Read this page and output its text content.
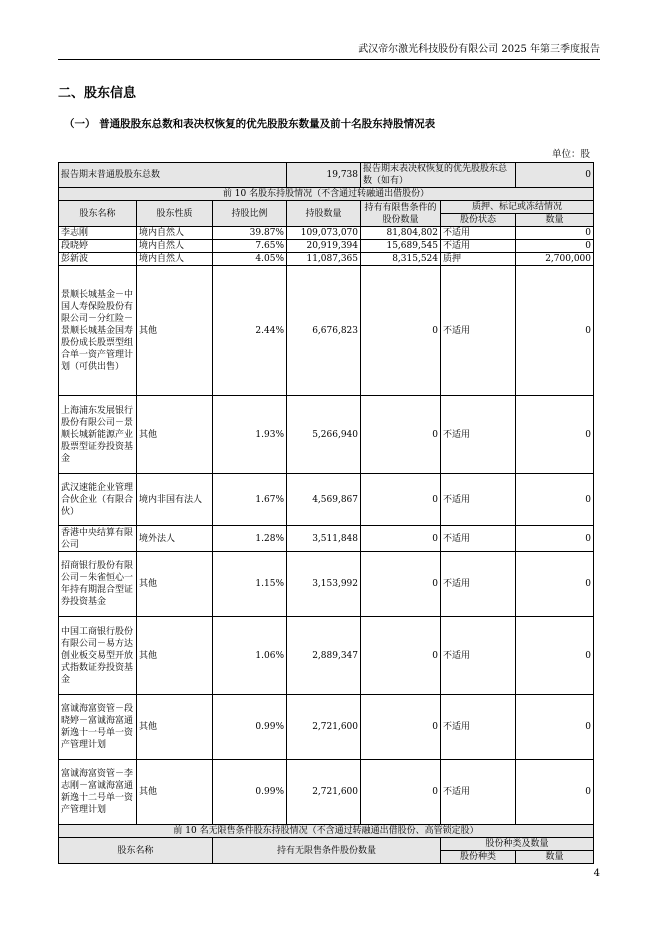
武汉帝尔激光科技股份有限公司 2025 年第三季度报告
二、股东信息
（一） 普通股股东总数和表决权恢复的优先股股东数量及前十名股东持股情况表
单位：股
报告期末普通股股东总数			19,738	报告期末表决权恢复的优先股股东总数（如有）		0
前 10 名股东持股情况（不含通过转融通出借股份）						
股东名称	股东性质	持股比例	持股数量	持有有限售条件的股份数量	质押、标记或冻结情况	
					股份状态	数量
李志刚	境内自然人	39.87%	109,073,070	81,804,802	不适用	0
段晓婷	境内自然人	7.65%	20,919,394	15,689,545	不适用	0
彭新波	境内自然人	4.05%	11,087,365	8,315,524	质押	2,700,000
景顺长城基金－中国人寿保险股份有限公司－分红险－景顺长城基金国寿股份成长股票型组合单一资产管理计划（可供出售）	其他	2.44%	6,676,823	0	不适用	0
上海浦东发展银行股份有限公司－景顺长城新能源产业股票型证券投资基金	其他	1.93%	5,266,940	0	不适用	0
武汉速能企业管理合伙企业（有限合伙）	境内非国有法人	1.67%	4,569,867	0	不适用	0
香港中央结算有限公司	境外法人	1.28%	3,511,848	0	不适用	0
招商银行股份有限公司－朱雀恒心一年持有期混合型证券投资基金	其他	1.15%	3,153,992	0	不适用	0
中国工商银行股份有限公司－易方达创业板交易型开放式指数证券投资基金	其他	1.06%	2,889,347	0	不适用	0
富诚海富资管－段晓婷－富诚海富通新逸十一号单一资产管理计划	其他	0.99%	2,721,600	0	不适用	0
富诚海富资管－李志刚－富诚海富通新逸十二号单一资产管理计划	其他	0.99%	2,721,600	0	不适用	0
前 10 名无限售条件股东持股情况（不含通过转融通出借股份、高管锁定股）						
股东名称		持有无限售条件股份数量			股份种类及数量	
					股份种类	数量
4
